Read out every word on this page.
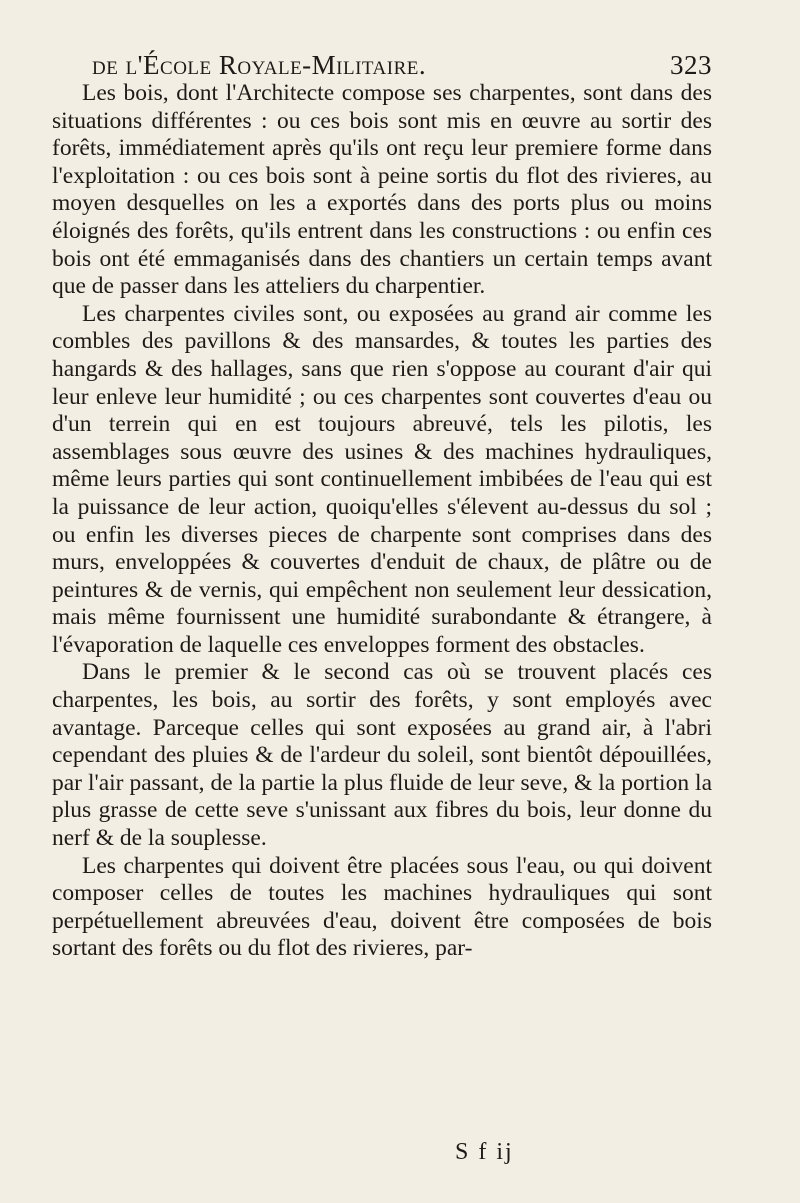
de l'École Royale-Militaire.	323

Les bois, dont l'Architecte compose ses charpentes, sont dans des situations différentes : ou ces bois sont mis en œuvre au sortir des forêts, immédiatement après qu'ils ont reçu leur premiere forme dans l'exploitation : ou ces bois sont à peine sortis du flot des rivieres, au moyen desquelles on les a exportés dans des ports plus ou moins éloignés des forêts, qu'ils entrent dans les constructions : ou enfin ces bois ont été emmaganisés dans des chantiers un certain temps avant que de passer dans les atteliers du charpentier.

Les charpentes civiles sont, ou exposées au grand air comme les combles des pavillons & des mansardes, & toutes les parties des hangards & des hallages, sans que rien s'oppose au courant d'air qui leur enleve leur humidité ; ou ces charpentes sont couvertes d'eau ou d'un terrein qui en est toujours abreuvé, tels les pilotis, les assemblages sous œuvre des usines & des machines hydrauliques, même leurs parties qui sont continuellement imbibées de l'eau qui est la puissance de leur action, quoiqu'elles s'élevent au-dessus du sol ; ou enfin les diverses pieces de charpente sont comprises dans des murs, enveloppées & couvertes d'enduit de chaux, de plâtre ou de peintures & de vernis, qui empêchent non seulement leur dessication, mais même fournissent une humidité surabondante & étrangere, à l'évaporation de laquelle ces enveloppes forment des obstacles.

Dans le premier & le second cas où se trouvent placés ces charpentes, les bois, au sortir des forêts, y sont employés avec avantage. Parceque celles qui sont exposées au grand air, à l'abri cependant des pluies & de l'ardeur du soleil, sont bientôt dépouillées, par l'air passant, de la partie la plus fluide de leur seve, & la portion la plus grasse de cette seve s'unissant aux fibres du bois, leur donne du nerf & de la souplesse.

Les charpentes qui doivent être placées sous l'eau, ou qui doivent composer celles de toutes les machines hydrauliques qui sont perpétuellement abreuvées d'eau, doivent être composées de bois sortant des forêts ou du flot des rivieres, par-

S f ij
